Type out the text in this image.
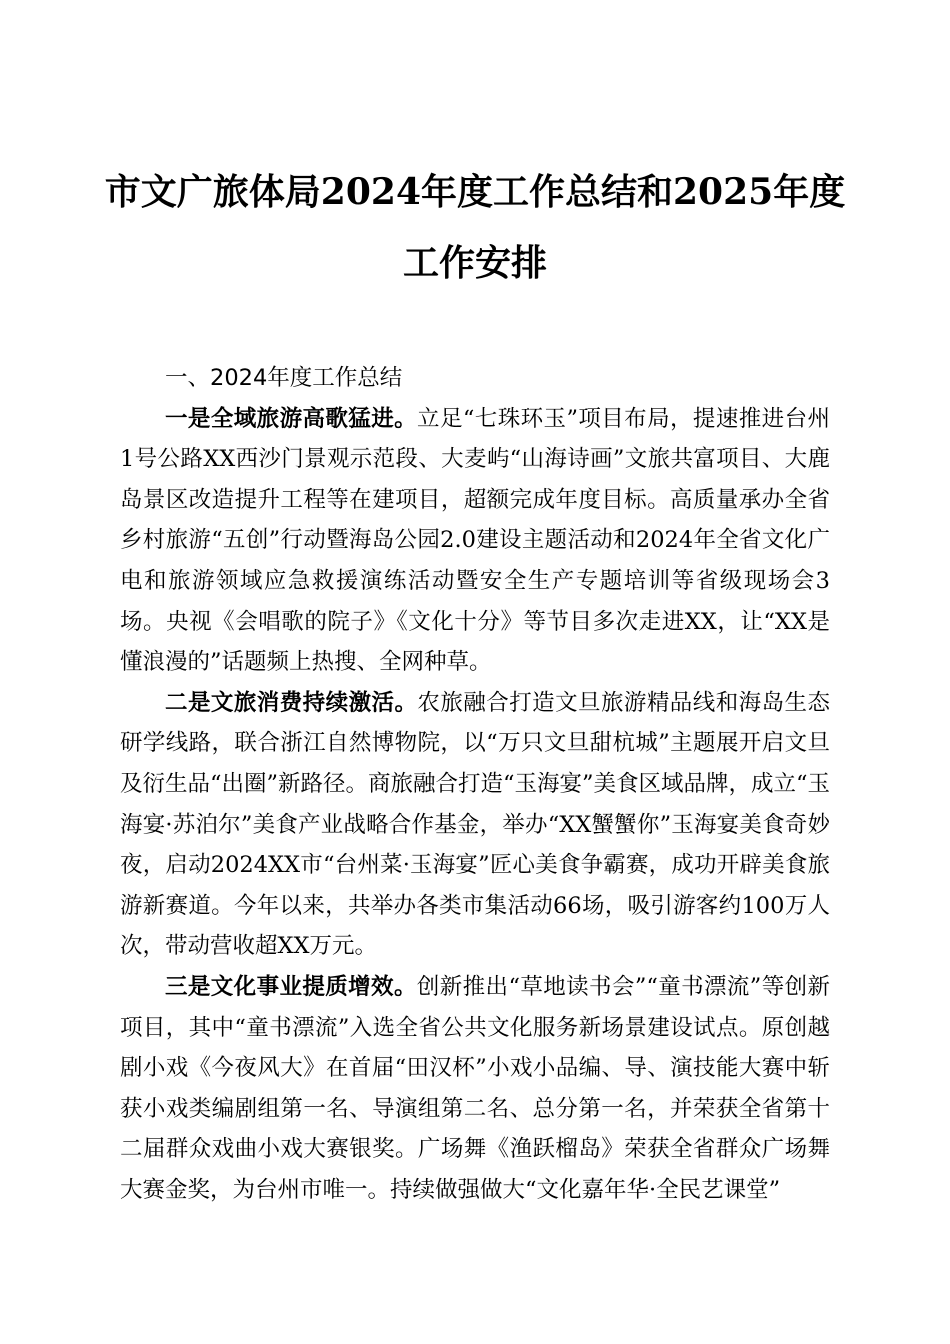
市文广旅体局2024年度工作总结和2025年度
工作安排

一、2024年度工作总结

一是全域旅游高歌猛进。立足“七珠环玉”项目布局，提速推进台州1号公路XX西沙门景观示范段、大麦屿“山海诗画”文旅共富项目、大鹿岛景区改造提升工程等在建项目，超额完成年度目标。高质量承办全省乡村旅游“五创”行动暨海岛公园2.0建设主题活动和2024年全省文化广电和旅游领域应急救援演练活动暨安全生产专题培训等省级现场会3场。央视《会唱歌的院子》《文化十分》等节目多次走进XX，让“XX是懂浪漫的”话题频上热搜、全网种草。

二是文旅消费持续激活。农旅融合打造文旦旅游精品线和海岛生态研学线路，联合浙江自然博物院，以“万只文旦甜杭城”主题展开启文旦及衍生品“出圈”新路径。商旅融合打造“玉海宴”美食区域品牌，成立“玉海宴·苏泊尔”美食产业战略合作基金，举办“XX蟹蟹你”玉海宴美食奇妙夜，启动2024XX市“台州菜·玉海宴”匠心美食争霸赛，成功开辟美食旅游新赛道。今年以来，共举办各类市集活动66场，吸引游客约100万人次，带动营收超XX万元。

三是文化事业提质增效。创新推出“草地读书会”“童书漂流”等创新项目，其中“童书漂流”入选全省公共文化服务新场景建设试点。原创越剧小戏《今夜风大》在首届“田汉杯”小戏小品编、导、演技能大赛中斩获小戏类编剧组第一名、导演组第二名、总分第一名，并荣获全省第十二届群众戏曲小戏大赛银奖。广场舞《渔跃榴岛》荣获全省群众广场舞大赛金奖，为台州市唯一。持续做强做大“文化嘉年华·全民艺课堂”
